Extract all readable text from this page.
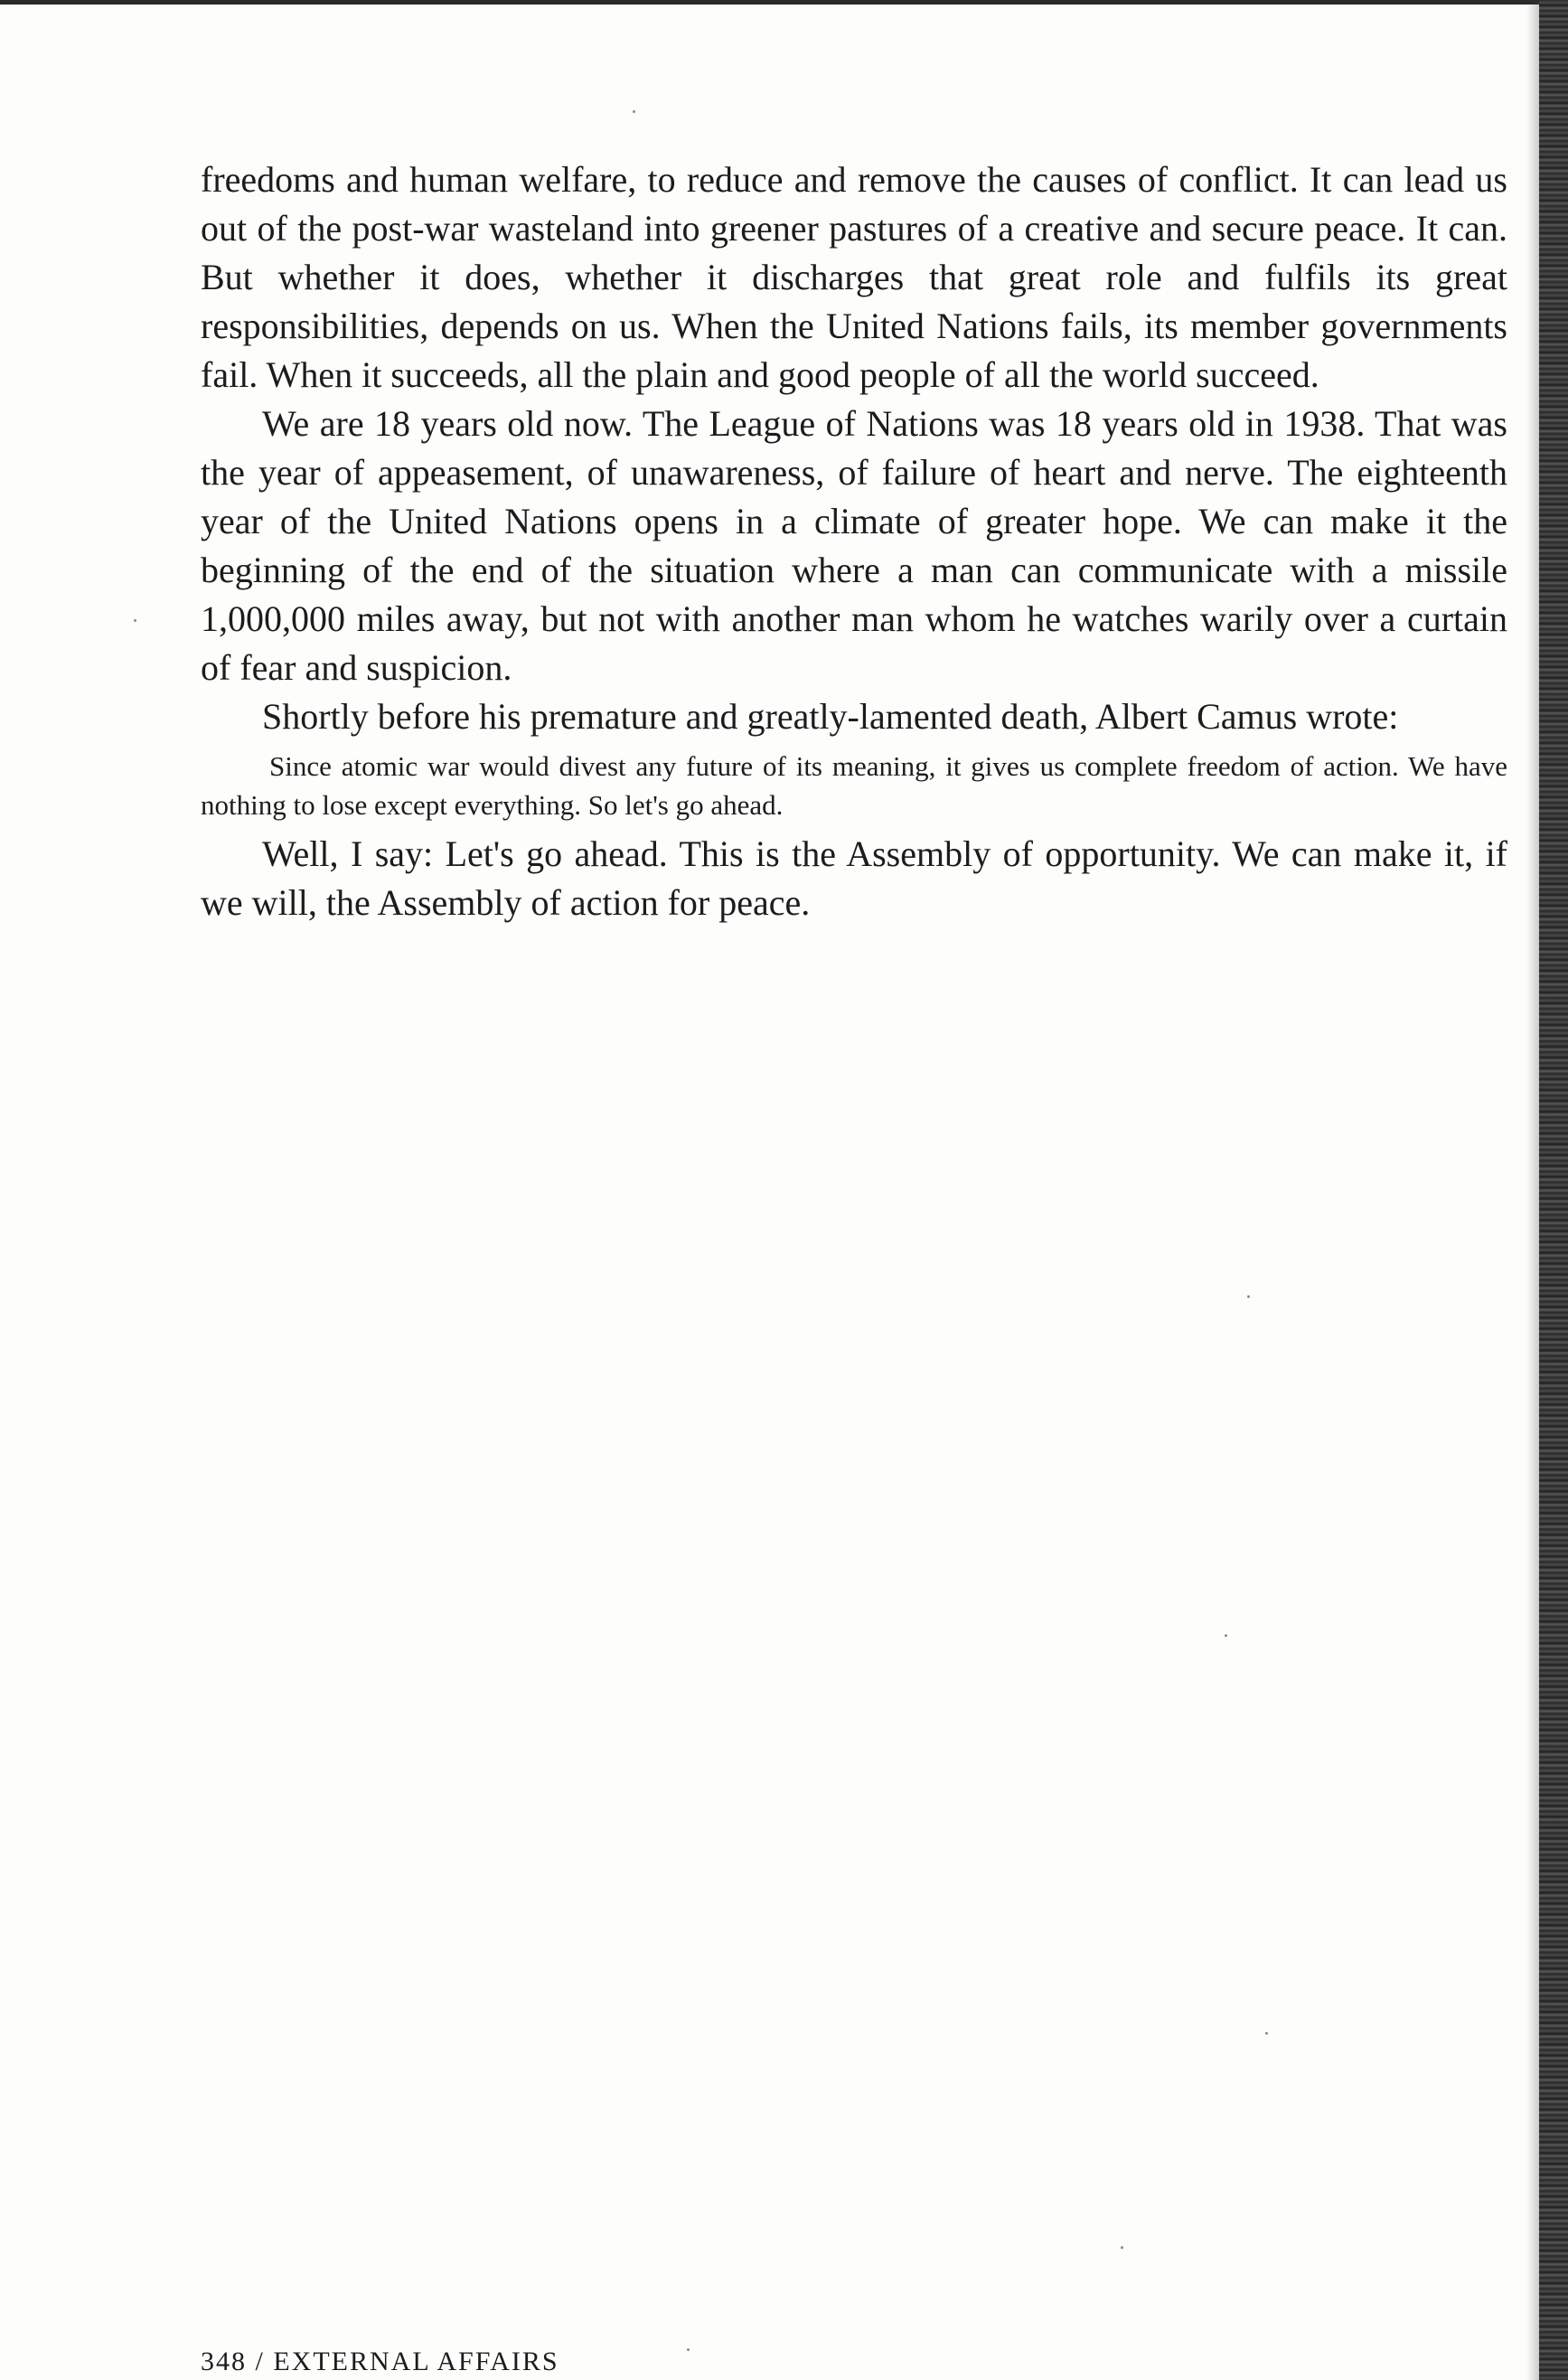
freedoms and human welfare, to reduce and remove the causes of conflict. It can lead us out of the post-war wasteland into greener pastures of a creative and secure peace. It can. But whether it does, whether it discharges that great role and fulfils its great responsibilities, depends on us. When the United Nations fails, its member governments fail. When it succeeds, all the plain and good people of all the world succeed.

We are 18 years old now. The League of Nations was 18 years old in 1938. That was the year of appeasement, of unawareness, of failure of heart and nerve. The eighteenth year of the United Nations opens in a climate of greater hope. We can make it the beginning of the end of the situation where a man can communicate with a missile 1,000,000 miles away, but not with another man whom he watches warily over a curtain of fear and suspicion.

Shortly before his premature and greatly-lamented death, Albert Camus wrote:

Since atomic war would divest any future of its meaning, it gives us complete freedom of action. We have nothing to lose except everything. So let's go ahead.

Well, I say: Let's go ahead. This is the Assembly of opportunity. We can make it, if we will, the Assembly of action for peace.

348 / EXTERNAL AFFAIRS
